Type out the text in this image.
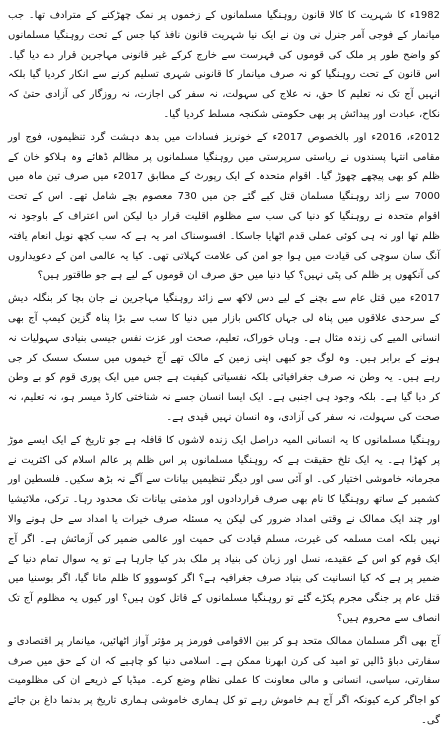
1982ء کا شہریت کا کالا قانون روہنگیا مسلمانوں کے زخموں پر نمک چھڑکنے کے مترادف تھا۔ جب میانمار کے فوجی آمر جنرل نی ون نے ایک نیا شہریت قانون نافذ کیا جس کے تحت روہنگیا مسلمانوں کو واضح طور پر ملک کی قوموں کی فہرست سے خارج کرکے غیر قانونی مہاجرین قرار دے دیا گیا۔ اس قانون کے تحت روہنگیا کو نہ صرف میانمار کا قانونی شہری تسلیم کرنے سے انکار کردیا گیا بلکہ انہیں آج تک نہ تعلیم کا حق، نہ علاج کی سہولت، نہ سفر کی اجازت، نہ روزگار کی آزادی حتیٰ کہ نکاح، عبادت اور پیدائش پر بھی حکومتی شکنجہ مسلط کردیا گیا۔

2012ء، 2016ء اور بالخصوص 2017ء کے خونریز فسادات میں بدھ دہشت گرد تنظیموں، فوج اور مقامی انتہا پسندوں نے ریاستی سرپرستی میں روہنگیا مسلمانوں پر مظالم ڈھائے وہ ہلاکو خان کے ظلم کو بھی پیچھے چھوڑ گیا۔ اقوام متحدہ کے ایک رپورٹ کے مطابق 2017ء میں صرف تین ماہ میں 7000 سے زائد روہنگیا مسلمان قتل کیے گئے جن میں 730 معصوم بچے شامل تھے۔ اس کے تحت اقوام متحدہ نے روہنگیا کو دنیا کی سب سے مظلوم اقلیت قرار دیا لیکن اس اعتراف کے باوجود نہ ظلم تھا اور نہ ہی کوئی عملی قدم اٹھایا جاسکا۔ افسوسناک امر یہ ہے کہ سب کچھ نوبل انعام یافتہ آنگ سان سوچی کی قیادت میں ہوا جو امن کی علامت کہلاتی تھی۔ کیا یہ عالمی امن کے دعویداروں کی آنکھوں پر ظلم کی پٹی نہیں؟ کیا دنیا میں حق صرف ان قوموں کے لیے ہے جو طاقتور ہیں؟

2017ء میں قتل عام سے بچنے کے لیے دس لاکھ سے زائد روہنگیا مہاجرین نے جان بچا کر بنگلہ دیش کے سرحدی علاقوں میں پناہ لی جہاں کاکس بازار میں دنیا کا سب سے بڑا پناہ گزین کیمپ آج بھی انسانی المیے کی زندہ مثال ہے۔ وہاں خوراک، تعلیم، صحت اور عزت نفس جیسی بنیادی سہولیات نہ ہونے کے برابر ہیں۔ وہ لوگ جو کبھی اپنی زمین کے مالک تھے آج خیموں میں سسک سسک کر جی رہے ہیں۔ یہ وطن نہ صرف جغرافیائی بلکہ نفسیاتی کیفیت ہے جس میں ایک پوری قوم کو بے وطن کر دیا گیا ہے۔ بلکہ وجود ہی اجنبی ہے۔ ایک ایسا انسان جسے نہ شناختی کارڈ میسر ہو، نہ تعلیم، نہ صحت کی سہولت، نہ سفر کی آزادی، وہ انسان نہیں قیدی ہے۔

روہنگیا مسلمانوں کا یہ انسانی المیہ دراصل ایک زندہ لاشوں کا قافلہ ہے جو تاریخ کے ایک ایسے موڑ پر کھڑا ہے۔ یہ ایک تلخ حقیقت ہے کہ روہنگیا مسلمانوں پر اس ظلم پر عالم اسلام کی اکثریت نے مجرمانہ خاموشی اختیار کی۔ او آئی سی اور دیگر تنظیمیں بیانات سے آگے نہ بڑھ سکیں۔ فلسطین اور کشمیر کے ساتھ روہنگیا کا نام بھی صرف قراردادوں اور مذمتی بیانات تک محدود رہا۔ ترکی، ملائیشیا اور چند ایک ممالک نے وقتی امداد ضرور کی لیکن یہ مسئلہ صرف خیرات یا امداد سے حل ہونے والا نہیں بلکہ امت مسلمہ کی غیرت، مسلم قیادت کی حمیت اور عالمی ضمیر کی آزمائش ہے۔ اگر آج ایک قوم کو اس کے عقیدے، نسل اور زبان کی بنیاد پر ملک بدر کیا جارہا ہے تو یہ سوال تمام دنیا کے ضمیر پر ہے کہ کیا انسانیت کی بنیاد صرف جغرافیہ ہے؟ اگر کوسووو کا ظلم مانا گیا، اگر بوسنیا میں قتل عام پر جنگی مجرم پکڑے گئے تو روہنگیا مسلمانوں کے قاتل کون ہیں؟ اور کیوں یہ مظلوم آج تک انصاف سے محروم ہیں؟

آج بھی اگر مسلمان ممالک متحد ہو کر بین الاقوامی فورمز پر مؤثر آواز اٹھائیں، میانمار پر اقتصادی و سفارتی دباؤ ڈالیں تو امید کی کرن ابھرنا ممکن ہے۔ اسلامی دنیا کو چاہیے کہ ان کے حق میں صرف سفارتی، سیاسی، انسانی و مالی معاونت کا عملی نظام وضع کرے۔ میڈیا کے ذریعے ان کی مظلومیت کو اجاگر کرے کیونکہ اگر آج ہم خاموش رہے تو کل ہماری خاموشی ہماری تاریخ پر بدنما داغ بن جائے گی۔
